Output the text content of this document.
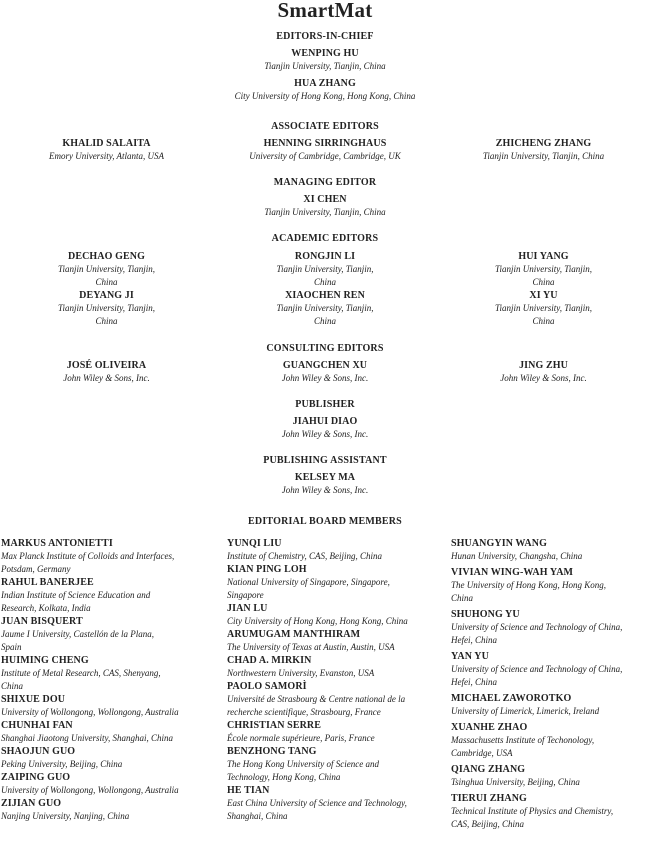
SmartMat
EDITORS-IN-CHIEF
WENPING HU
Tianjin University, Tianjin, China
HUA ZHANG
City University of Hong Kong, Hong Kong, China
ASSOCIATE EDITORS
KHALID SALAITA
Emory University, Atlanta, USA
HENNING SIRRINGHAUS
University of Cambridge, Cambridge, UK
ZHICHENG ZHANG
Tianjin University, Tianjin, China
MANAGING EDITOR
XI CHEN
Tianjin University, Tianjin, China
ACADEMIC EDITORS
DECHAO GENG
Tianjin University, Tianjin,
China
DEYANG JI
Tianjin University, Tianjin,
China
RONGJIN LI
Tianjin University, Tianjin,
China
XIAOCHEN REN
Tianjin University, Tianjin,
China
HUI YANG
Tianjin University, Tianjin,
China
XI YU
Tianjin University, Tianjin,
China
CONSULTING EDITORS
JOSÉ OLIVEIRA
John Wiley & Sons, Inc.
GUANGCHEN XU
John Wiley & Sons, Inc.
JING ZHU
John Wiley & Sons, Inc.
PUBLISHER
JIAHUI DIAO
John Wiley & Sons, Inc.
PUBLISHING ASSISTANT
KELSEY MA
John Wiley & Sons, Inc.
EDITORIAL BOARD MEMBERS
MARKUS ANTONIETTI
Max Planck Institute of Colloids and Interfaces,
Potsdam, Germany
RAHUL BANERJEE
Indian Institute of Science Education and
Research, Kolkata, India
JUAN BISQUERT
Jaume I University, Castellón de la Plana,
Spain
HUIMING CHENG
Institute of Metal Research, CAS, Shenyang,
China
SHIXUE DOU
University of Wollongong, Wollongong, Australia
CHUNHAI FAN
Shanghai Jiaotong University, Shanghai, China
SHAOJUN GUO
Peking University, Beijing, China
ZAIPING GUO
University of Wollongong, Wollongong, Australia
ZIJIAN GUO
Nanjing University, Nanjing, China
YUNQI LIU
Institute of Chemistry, CAS, Beijing, China
KIAN PING LOH
National University of Singapore, Singapore,
Singapore
JIAN LU
City University of Hong Kong, Hong Kong, China
ARUMUGAM MANTHIRAM
The University of Texas at Austin, Austin, USA
CHAD A. MIRKIN
Northwestern University, Evanston, USA
PAOLO SAMORÌ
Université de Strasbourg & Centre national de la
recherche scientifique, Strasbourg, France
CHRISTIAN SERRE
École normale supérieure, Paris, France
BENZHONG TANG
The Hong Kong University of Science and
Technology, Hong Kong, China
HE TIAN
East China University of Science and Technology,
Shanghai, China
SHUANGYIN WANG
Hunan University, Changsha, China
VIVIAN WING-WAH YAM
The University of Hong Kong, Hong Kong,
China
SHUHONG YU
University of Science and Technology of China,
Hefei, China
YAN YU
University of Science and Technology of China,
Hefei, China
MICHAEL ZAWOROTKO
University of Limerick, Limerick, Ireland
XUANHE ZHAO
Massachusetts Institute of Techonology,
Cambridge, USA
QIANG ZHANG
Tsinghua University, Beijing, China
TIERUI ZHANG
Technical Institute of Physics and Chemistry,
CAS, Beijing, China
